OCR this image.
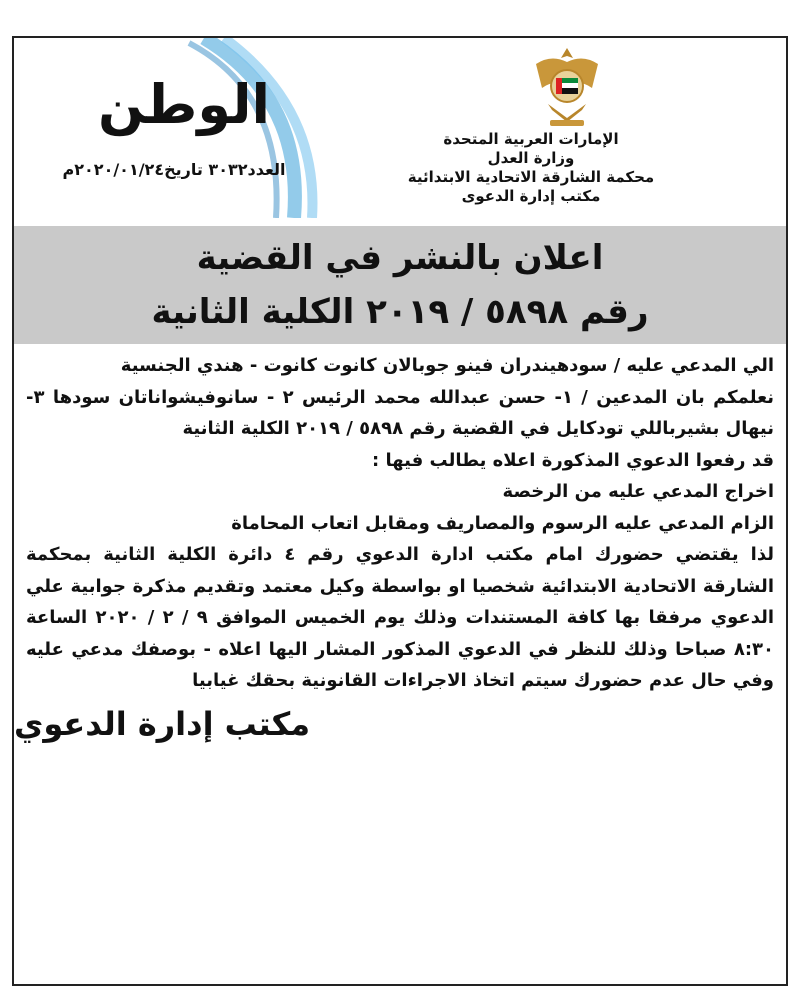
الوطن
العدد٣٠٣٢ تاريخ٢٠٢٠/٠١/٢٤م
الإمارات العربية المتحدة
وزارة العدل
محكمة الشارقة الاتحادية الابتدائية
مكتب إدارة الدعوى
اعلان بالنشر في القضية
رقم ٥٨٩٨ / ٢٠١٩ الكلية الثانية

الي المدعي عليه / سودهيندران فينو جوبالان كانوت كانوت - هندي الجنسية

نعلمكم بان المدعين / ١- حسن عبدالله محمد الرئيس ٢ - سانوفيشواناتان سودها ٣- نيهال بشيرباللي تودكايل في القضية رقم ٥٨٩٨ / ٢٠١٩ الكلية الثانية

قد رفعوا الدعوي المذكورة اعلاه يطالب فيها :

اخراج المدعي عليه من الرخصة

الزام المدعي عليه الرسوم والمصاريف ومقابل اتعاب المحاماة

لذا يقتضي حضورك امام مكتب ادارة الدعوي رقم ٤ دائرة الكلية الثانية بمحكمة الشارقة الاتحادية الابتدائية شخصيا او بواسطة وكيل معتمد وتقديم مذكرة جوابية علي الدعوي مرفقا بها كافة المستندات وذلك يوم الخميس الموافق ٩ / ٢ / ٢٠٢٠ الساعة ٨:٣٠ صباحا وذلك للنظر في الدعوي المذكور المشار اليها اعلاه - بوصفك مدعي عليه وفي حال عدم حضورك سيتم اتخاذ الاجراءات القانونية بحقك غيابيا

مكتب إدارة الدعوي
